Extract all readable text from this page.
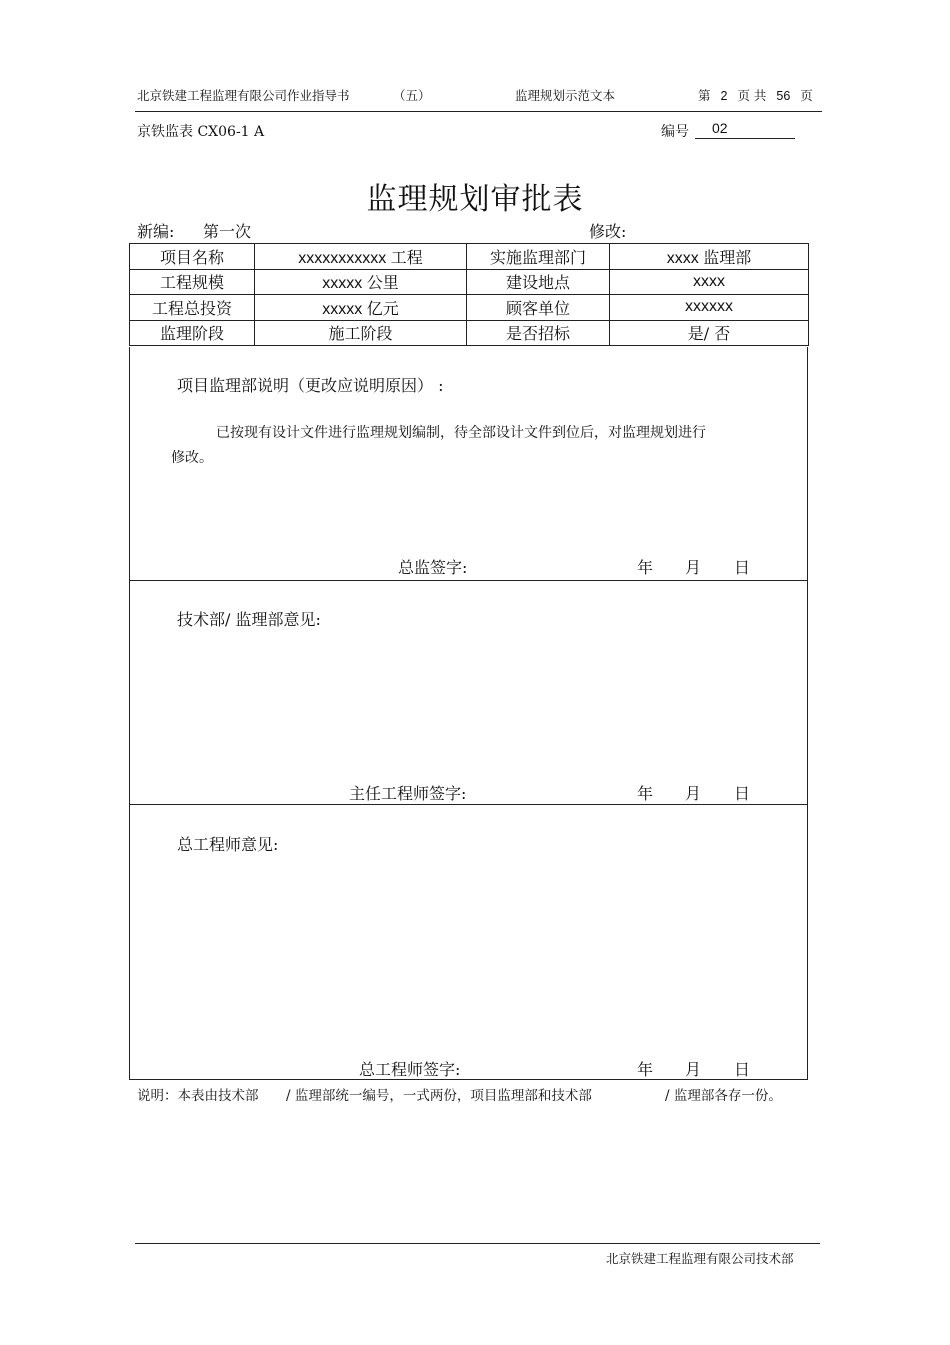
北京铁建工程监理有限公司作业指导书	（五）	监理规划示范文本	第 2 页 共 56 页
京铁监表 CX06-1 A	编号	02
监理规划审批表
新编: 第一次	修改:
项目名称	xxxxxxxxxxx 工程	实施监理部门	xxxx 监理部
工程规模	xxxxx 公里	建设地点	xxxx
工程总投资	xxxxx 亿元	顾客单位	xxxxxx
监理阶段	施工阶段	是否招标	是/ 否
项目监理部说明（更改应说明原因） :
已按现有设计文件进行监理规划编制，待全部设计文件到位后，对监理规划进行
修改。
总监签字:	年 月 日
技术部/ 监理部意见:
主任工程师签字:	年 月 日
总工程师意见:
总工程师签字:	年 月 日
说明：本表由技术部 / 监理部统一编号，一式两份，项目监理部和技术部	/ 监理部各存一份。
北京铁建工程监理有限公司技术部
